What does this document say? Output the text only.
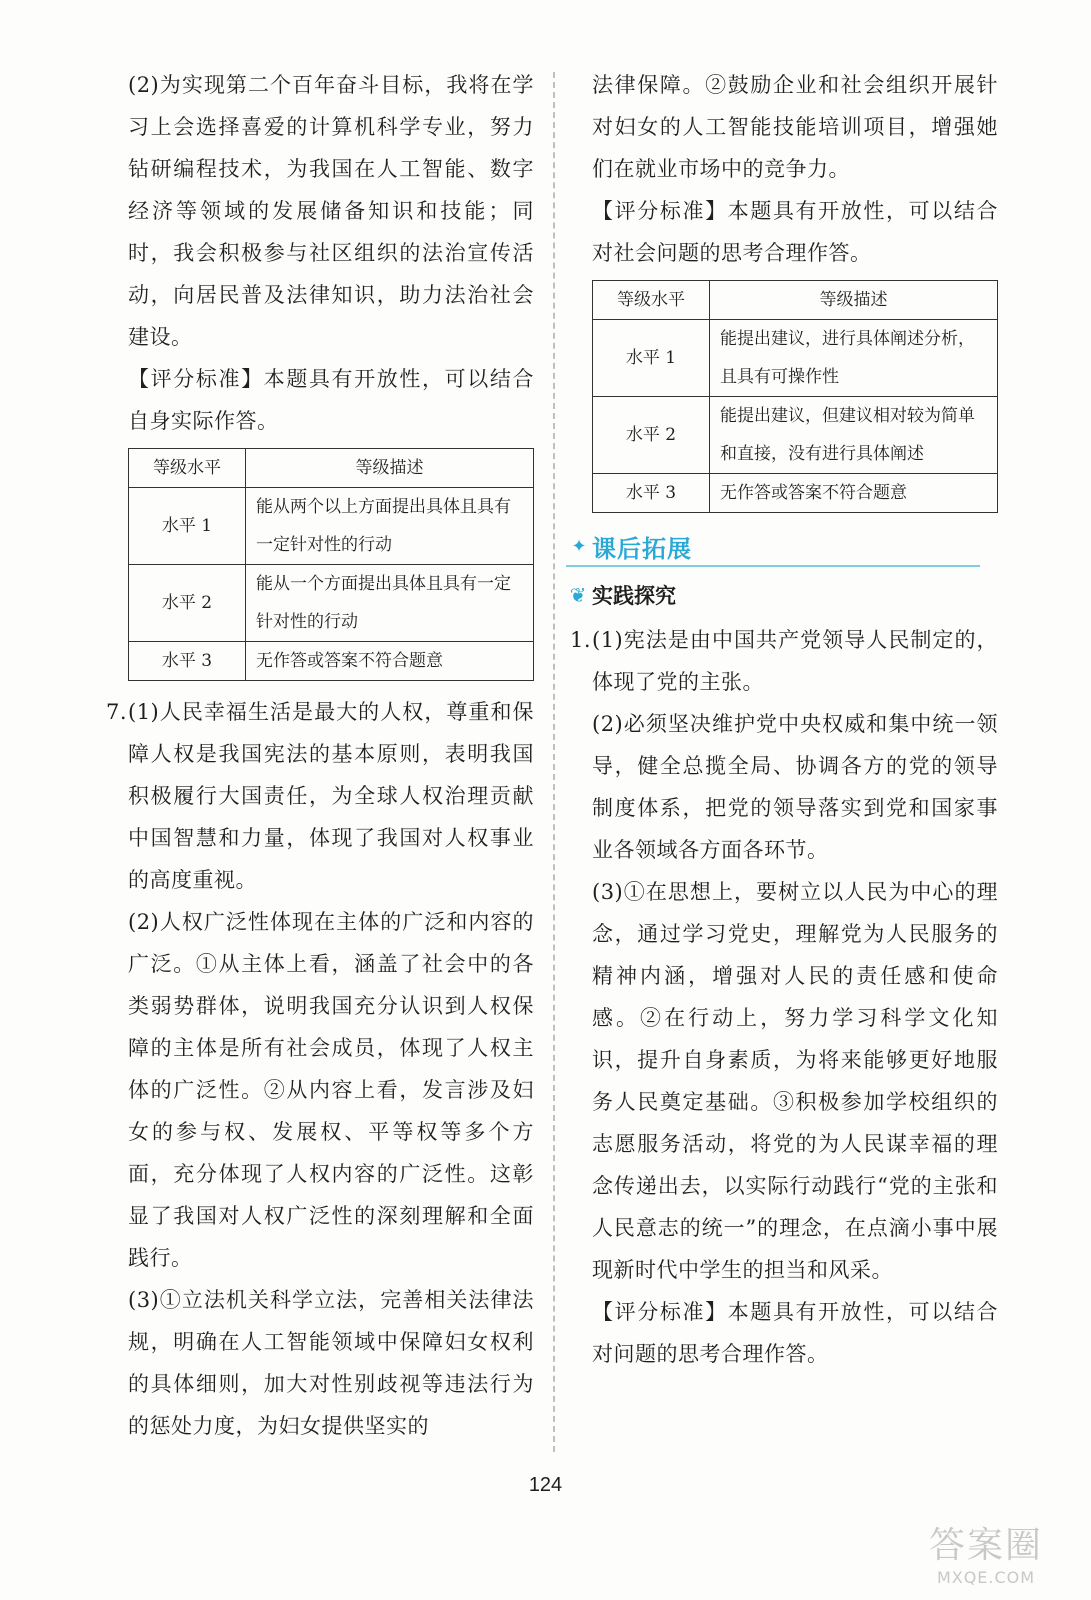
(2)为实现第二个百年奋斗目标，我将在学习上会选择喜爱的计算机科学专业，努力钻研编程技术，为我国在人工智能、数字经济等领域的发展储备知识和技能；同时，我会积极参与社区组织的法治宣传活动，向居民普及法律知识，助力法治社会建设。

【评分标准】本题具有开放性，可以结合自身实际作答。

等级水平	等级描述
水平 1	能从两个以上方面提出具体且具有一定针对性的行动
水平 2	能从一个方面提出具体且具有一定针对性的行动
水平 3	无作答或答案不符合题意

7. (1)人民幸福生活是最大的人权，尊重和保障人权是我国宪法的基本原则，表明我国积极履行大国责任，为全球人权治理贡献中国智慧和力量，体现了我国对人权事业的高度重视。

(2)人权广泛性体现在主体的广泛和内容的广泛。①从主体上看，涵盖了社会中的各类弱势群体，说明我国充分认识到人权保障的主体是所有社会成员，体现了人权主体的广泛性。②从内容上看，发言涉及妇女的参与权、发展权、平等权等多个方面，充分体现了人权内容的广泛性。这彰显了我国对人权广泛性的深刻理解和全面践行。

(3)①立法机关科学立法，完善相关法律法规，明确在人工智能领域中保障妇女权利的具体细则，加大对性别歧视等违法行为的惩处力度，为妇女提供坚实的

法律保障。②鼓励企业和社会组织开展针对妇女的人工智能技能培训项目，增强她们在就业市场中的竞争力。

【评分标准】本题具有开放性，可以结合对社会问题的思考合理作答。

等级水平	等级描述
水平 1	能提出建议，进行具体阐述分析，且具有可操作性
水平 2	能提出建议，但建议相对较为简单和直接，没有进行具体阐述
水平 3	无作答或答案不符合题意
✦ 课后拓展
❦ 实践探究

1. (1)宪法是由中国共产党领导人民制定的，体现了党的主张。

(2)必须坚决维护党中央权威和集中统一领导，健全总揽全局、协调各方的党的领导制度体系，把党的领导落实到党和国家事业各领域各方面各环节。

(3)①在思想上，要树立以人民为中心的理念，通过学习党史，理解党为人民服务的精神内涵，增强对人民的责任感和使命感。②在行动上，努力学习科学文化知识，提升自身素质，为将来能够更好地服务人民奠定基础。③积极参加学校组织的志愿服务活动，将党的为人民谋幸福的理念传递出去，以实际行动践行“党的主张和人民意志的统一”的理念，在点滴小事中展现新时代中学生的担当和风采。

【评分标准】本题具有开放性，可以结合对问题的思考合理作答。

124
答案圈
MXQE.COM
